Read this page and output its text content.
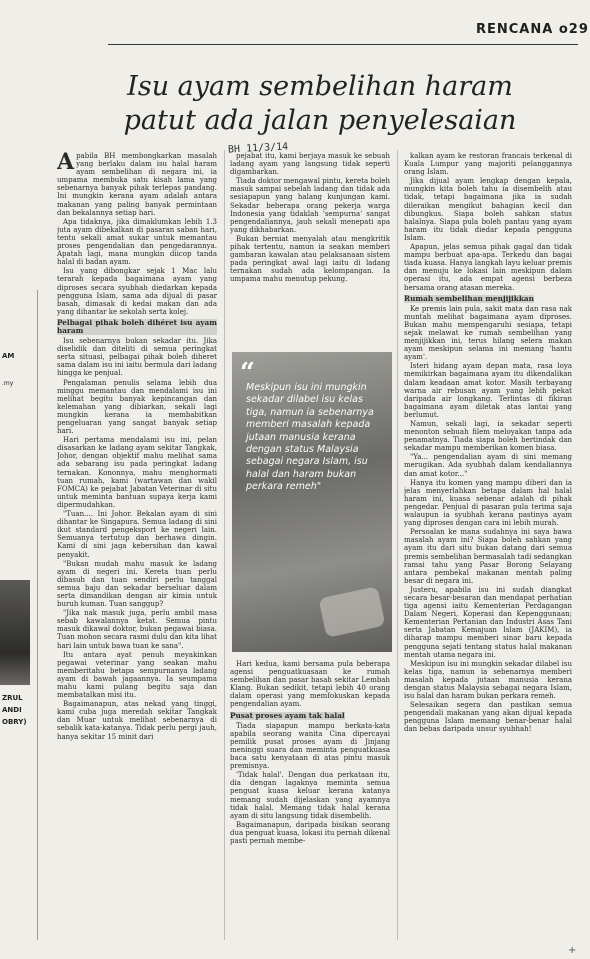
AM
.my
ZRUL
ANDI
OBRY)
RENCANA o29
Isu ayam sembelihan haram
patut ada jalan penyelesaian
BH 11/3/14

Apabila BH membongkarkan masalah yang berlaku dalam isu halal haram ayam sembelihan di negara ini, ia umpama membuka satu kisah lama yang sebenarnya banyak pihak terlepas pandang. Ini mungkin kerana ayam adalah antara makanan yang paling banyak permintaan dan bekalannya setiap hari.

Apa tidaknya, jika dimaklumkan lebih 1.3 juta ayam dibekalkan di pasaran saban hari, tentu sekali amat sukar untuk memantau proses pengendalian dan pengedarannya. Apatah lagi, mana mungkin diicop tanda halal di badan ayam.

Isu yang dibongkar sejak 1 Mac lalu terarah kepada bagaimana ayam yang diproses secara syubhah diedarkan kepada pengguna Islam, sama ada dijual di pasar basah, dimasak di kedai makan dan ada yang dihantar ke sekolah serta kolej.

Pelbagai pihak boleh dihéret isu ayam haram

Isu sebenarnya bukan sekadar itu. Jika diselidik dan diteliti di semua peringkat serta situasi, pelbagai pihak boleh diheret sama dalam isu ini iaitu bermula dari ladang hingga ke penjual.

Pengalaman penulis selama lebih dua minggu memantau dan mendalami isu ini melihat begitu banyak kepincangan dan kelemahan yang dibiarkan, sekali lagi mungkin kerana ia membabitkan pengeluaran yang sangat banyak setiap hari.

Hari pertama mendalami isu ini, pelan disasarkan ke ladang ayam sekitar Tangkak, Johor, dengan objektif mahu melihat sama ada sebarang isu pada peringkat ladang ternakan. Kononnya, mahu menghormati tuan rumah, kami (wartawan dan wakil FOMCA) ke pejabat Jabatan Veterinar di situ untuk meminta bantuan supaya kerja kami dipermudahkan.

"Tuan.... Ini Johor. Bekalan ayam di sini dihantar ke Singapura. Semua ladang di sini ikut standard pengeksport ke negeri lain. Semuanya tertutup dan berhawa dingin. Kami di sini jaga kebersihan dan kawal penyakit.

"Bukan mudah mahu masuk ke ladang ayam di negeri ini. Kereta tuan perlu dibasuh dan tuan sendiri perlu tanggal semua baju dan sekadar berseluar dalam serta dimandikan dengan air kimia untuk buruh kuman. Tuan sanggup?

"Jika nak masuk juga, perlu ambil masa sebab kawalannya ketat. Semua pintu masuk dikawal doktor, bukan pegawai biasa. Tuan mohon secara rasmi dulu dan kita lihat hari lain untuk bawa tuan ke sana".

Itu antara ayat penuh meyakinkan pegawai veterinar yang seakan mahu memberitahu betapa sempurnanya ladang ayam di bawah jagaannya. Ia seumpama mahu kami pulang begitu saja dan membatalkan misi itu.

Bagaimanapun, atas nekad yang tinggi, kami cuba juga meredah sekitar Tangkak dan Muar untuk melihat sebenarnya di sebalik kata-katanya. Tidak perlu pergi jauh, hanya sekitar 15 minit dari

pejabat itu, kami berjaya masuk ke sebuah ladang ayam yang langsung tidak seperti digambarkan.

Tiada doktor mengawal pintu, kereta boleh masuk sampai sebelah ladang dan tidak ada sesiapapun yang halang kunjungan kami. Sekadar beberapa orang pekerja warga Indonesia yang tidaklah 'sempurna' sangat pengendaliannya, jauh sekali menepati apa yang dikhabarkan.

Bukan berniat menyalah atau mengkritik pihak tertentu, namun ia seakan memberi gambaran kawalan atau pelaksanaan sistem pada peringkat awal lagi iaitu di ladang ternakan sudah ada kelompangan. Ia umpama mahu menutup pekung.

“
Meskipun isu ini mungkin sekadar dilabel isu kelas tiga, namun ia sebenarnya memberi masalah kepada jutaan manusia kerana dengan status Malaysia sebagai negara Islam, isu halal dan haram bukan perkara remeh"

Hari kedua, kami bersama pula beberapa agensi penguatkuasaan ke rumah sembelihan dan pasar basah sekitar Lembah Klang. Bukan sedikit, tetapi lebih 40 orang dalam operasi yang memfokuskan kepada pengendalian ayam.

Pusat proses ayam tak halal

Tiada siapapun mampu berkata-kata apabila seorang wanita Cina dipercayai pemilik pusat proses ayam di Jinjang meninggi suara dan meminta penguatkuasa baca satu kenyataan di atas pintu masuk premisnya.

'Tidak halal'. Dengan dua perkataan itu, dia dengan lagaknya meminta semua penguat kuasa keluar kerana katanya memang sudah dijelaskan yang ayamnya tidak halal. Memang tidak halal kerana ayam di situ langsung tidak disembelih.

Bagaimanapun, daripada bisikan seorang dua penguat kuasa, lokasi itu pernah dikenal pasti pernah membe-

kalkan ayam ke restoran francais terkenal di Kuala Lumpur yang majoriti pelanggannya orang Islam.

Jika dijual ayam lengkap dengan kepala, mungkin kita boleh tahu ia disembelih atau tidak, tetapi bagaimana jika ia sudah dileraikan mengikut bahagian kecil dan dibungkus. Siapa boleh sahkan status halalnya. Siapa pula boleh pantau yang ayam haram itu tidak diedar kepada pengguna Islam.

Apapun, jelas semua pihak gagal dan tidak mampu berbuat apa-apa. Terkedu dan bagai tiada kuasa. Hanya langkah layu keluar premis dan menuju ke lokasi lain meskipun dalam operasi itu, ada empat agensi berbeza bersama orang atasan mereka.

Rumah sembelihan menjijikkan

Ke premis lain pula, sakit mata dan rasa nak muntah melihat bagaimana ayam diproses. Bukan mahu mempengaruhi sesiapa, tetapi sejak melawat ke rumah sembelihan yang menjijikkan ini, terus hilang selera makan ayam meskipun selama ini memang 'hantu ayam'.

Isteri hidang ayam depan mata, rasa loya memikirkan bagaimana ayam itu dikendalikan dalam keadaan amat kotor. Masih terbayang warna air rebusan ayam yang lebih pekat daripada air longkang. Terlintas di fikiran bagaimana ayam diletak atas lantai yang berlumut.

Namun, sekali lagi, ia sekadar seperti menonton sebuah filem meloyakan tanpa ada penamatnya. Tiada siapa boleh bertindak dan sekadar mampu memberikan komen biasa.

"Ya... pengendalian ayam di sini memang merugikan. Ada syubhah dalam kendaliannya dan amat kotor..."

Hanya itu komen yang mampu diberi dan ia jelas menyerlahkan betapa dalam hal halal haram ini, kuasa sebenar adalah di pihak pengedar. Penjual di pasaran pula terima saja walaupun ia syubhah kerana pastinya ayam yang diproses dengan cara ini lebih murah.

Persoalan ke mana sudahnya ini saya bawa masalah ayam ini? Siapa boleh sahkan yang ayam itu dari situ bukan datang dari semua premis sembelihan bermasalah tadi sedangkan ramai tahu yang Pasar Borong Selayang antara pembekal makanan mentah paling besar di negara ini.

Justeru, apabila isu ini sudah diangkat secara besar-besaran dan mendapat perhatian tiga agensi iaitu Kementerian Perdagangan Dalam Negeri, Koperasi dan Kepenggunaan; Kementerian Pertanian dan Industri Asas Tani serta Jabatan Kemajuan Islam (JAKIM), ia diharap mampu memberi sinar baru kepada pengguna sejati tentang status halal makanan mentah utama negara ini.

Meskipun isu ini mungkin sekadar dilabel isu kelas tiga, namun ia sebenarnya memberi masalah kepada jutaan manusia kerana dengan status Malaysia sebagai negara Islam, isu halal dan haram bukan perkara remeh.

Selesaikan segera dan pastikan semua pengendali makanan yang akan dijual kepada pengguna Islam memang benar-benar halal dan bebas daripada unsur syubhah!

+
